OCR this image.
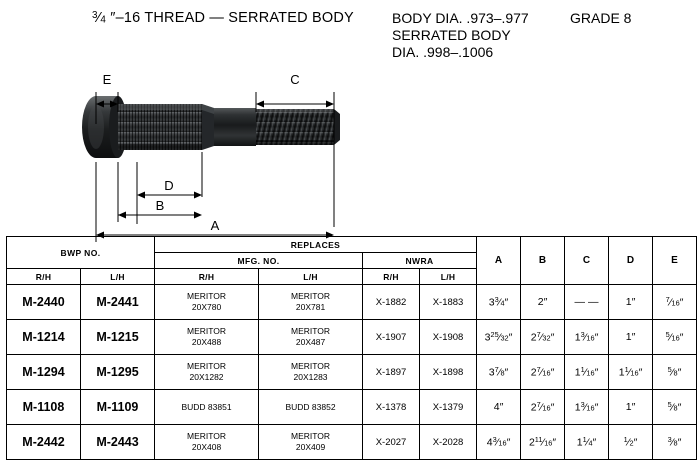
$^3$⁄4 ″–16 THREAD — SERRATED BODY	BODY DIA. .973–.977
SERRATED BODY
DIA. .998–.1006
GRADE 8
E	C
D
B
A
BWP NO.		REPLACES				A	B	C	D	E
		MFG. NO.		NWRA						
R/H	L/H	R/H	L/H	R/H	L/H					
M-2440	M-2441	MERITOR
20X780	MERITOR
20X781	X-1882	X-1883	$3^3⁄4''$	2″	— —	1″	$^7$⁄16″
M-1214	M-1215	MERITOR
20X488	MERITOR
20X487	X-1907	X-1908	$3^{25}⁄32''$	$2^7⁄32''$	$1^3⁄16''$	1″	$^5$⁄16″
M-1294	M-1295	MERITOR
20X1282	MERITOR
20X1283	X-1897	X-1898	$3^7⁄8''$	$2^7⁄16''$	$1^1⁄16''$	$1^1⁄16''$	$^5$⁄8″
M-1108	M-1109	BUDD 83851	BUDD 83852	X-1378	X-1379	4″	$2^7⁄16''$	$1^3⁄16''$	1″	$^5$⁄8″
M-2442	M-2443	MERITOR
20X408	MERITOR
20X409	X-2027	X-2028	$4^3⁄16''$	$2^{11}⁄16''$	$1^1⁄4''$	$^1$⁄2″	$^3$⁄8″
